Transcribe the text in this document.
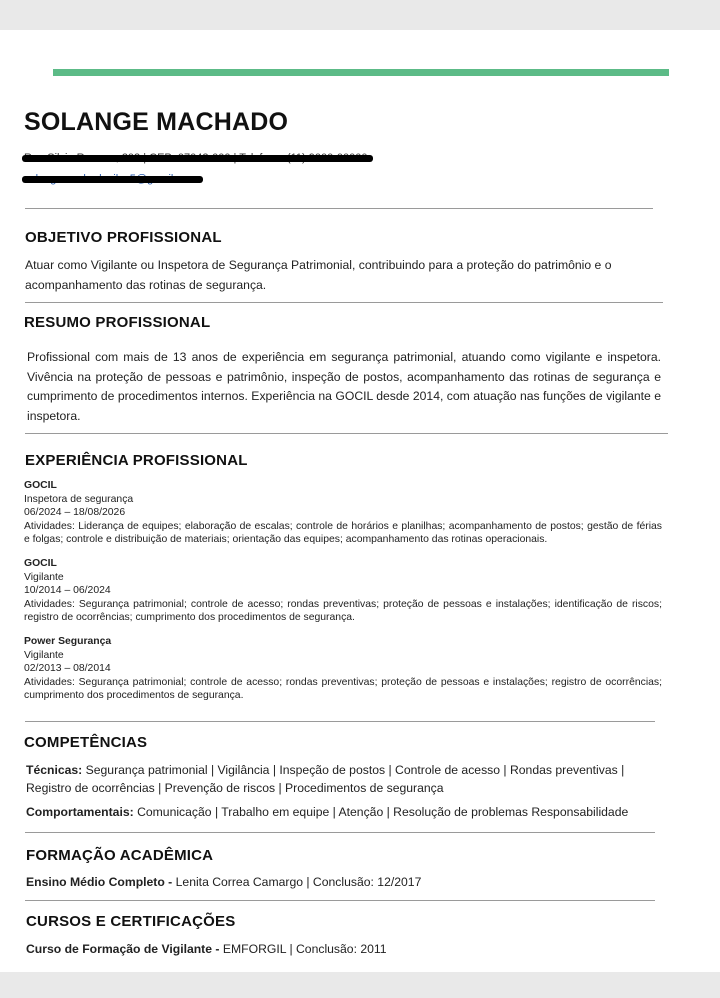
SOLANGE MACHADO
OBJETIVO PROFISSIONAL
Atuar como Vigilante ou Inspetora de Segurança Patrimonial, contribuindo para a proteção do patrimônio e o acompanhamento das rotinas de segurança.
RESUMO PROFISSIONAL
Profissional com mais de 13 anos de experiência em segurança patrimonial, atuando como vigilante e inspetora. Vivência na proteção de pessoas e patrimônio, inspeção de postos, acompanhamento das rotinas de segurança e cumprimento de procedimentos internos. Experiência na GOCIL desde 2014, com atuação nas funções de vigilante e inspetora.
EXPERIÊNCIA PROFISSIONAL
GOCIL
Inspetora de segurança
06/2024 – 18/08/2026
Atividades: Liderança de equipes; elaboração de escalas; controle de horários e planilhas; acompanhamento de postos; gestão de férias e folgas; controle e distribuição de materiais; orientação das equipes; acompanhamento das rotinas operacionais.
GOCIL
Vigilante
10/2014 – 06/2024
Atividades: Segurança patrimonial; controle de acesso; rondas preventivas; proteção de pessoas e instalações; identificação de riscos; registro de ocorrências; cumprimento dos procedimentos de segurança.
Power Segurança
Vigilante
02/2013 – 08/2014
Atividades: Segurança patrimonial; controle de acesso; rondas preventivas; proteção de pessoas e instalações; registro de ocorrências; cumprimento dos procedimentos de segurança.
COMPETÊNCIAS
Técnicas: Segurança patrimonial | Vigilância | Inspeção de postos | Controle de acesso | Rondas preventivas | Registro de ocorrências | Prevenção de riscos | Procedimentos de segurança
Comportamentais: Comunicação | Trabalho em equipe | Atenção | Resolução de problemas Responsabilidade
FORMAÇÃO ACADÊMICA
Ensino Médio Completo - Lenita Correa Camargo | Conclusão: 12/2017
CURSOS E CERTIFICAÇÕES
Curso de Formação de Vigilante - EMFORGIL | Conclusão: 2011
